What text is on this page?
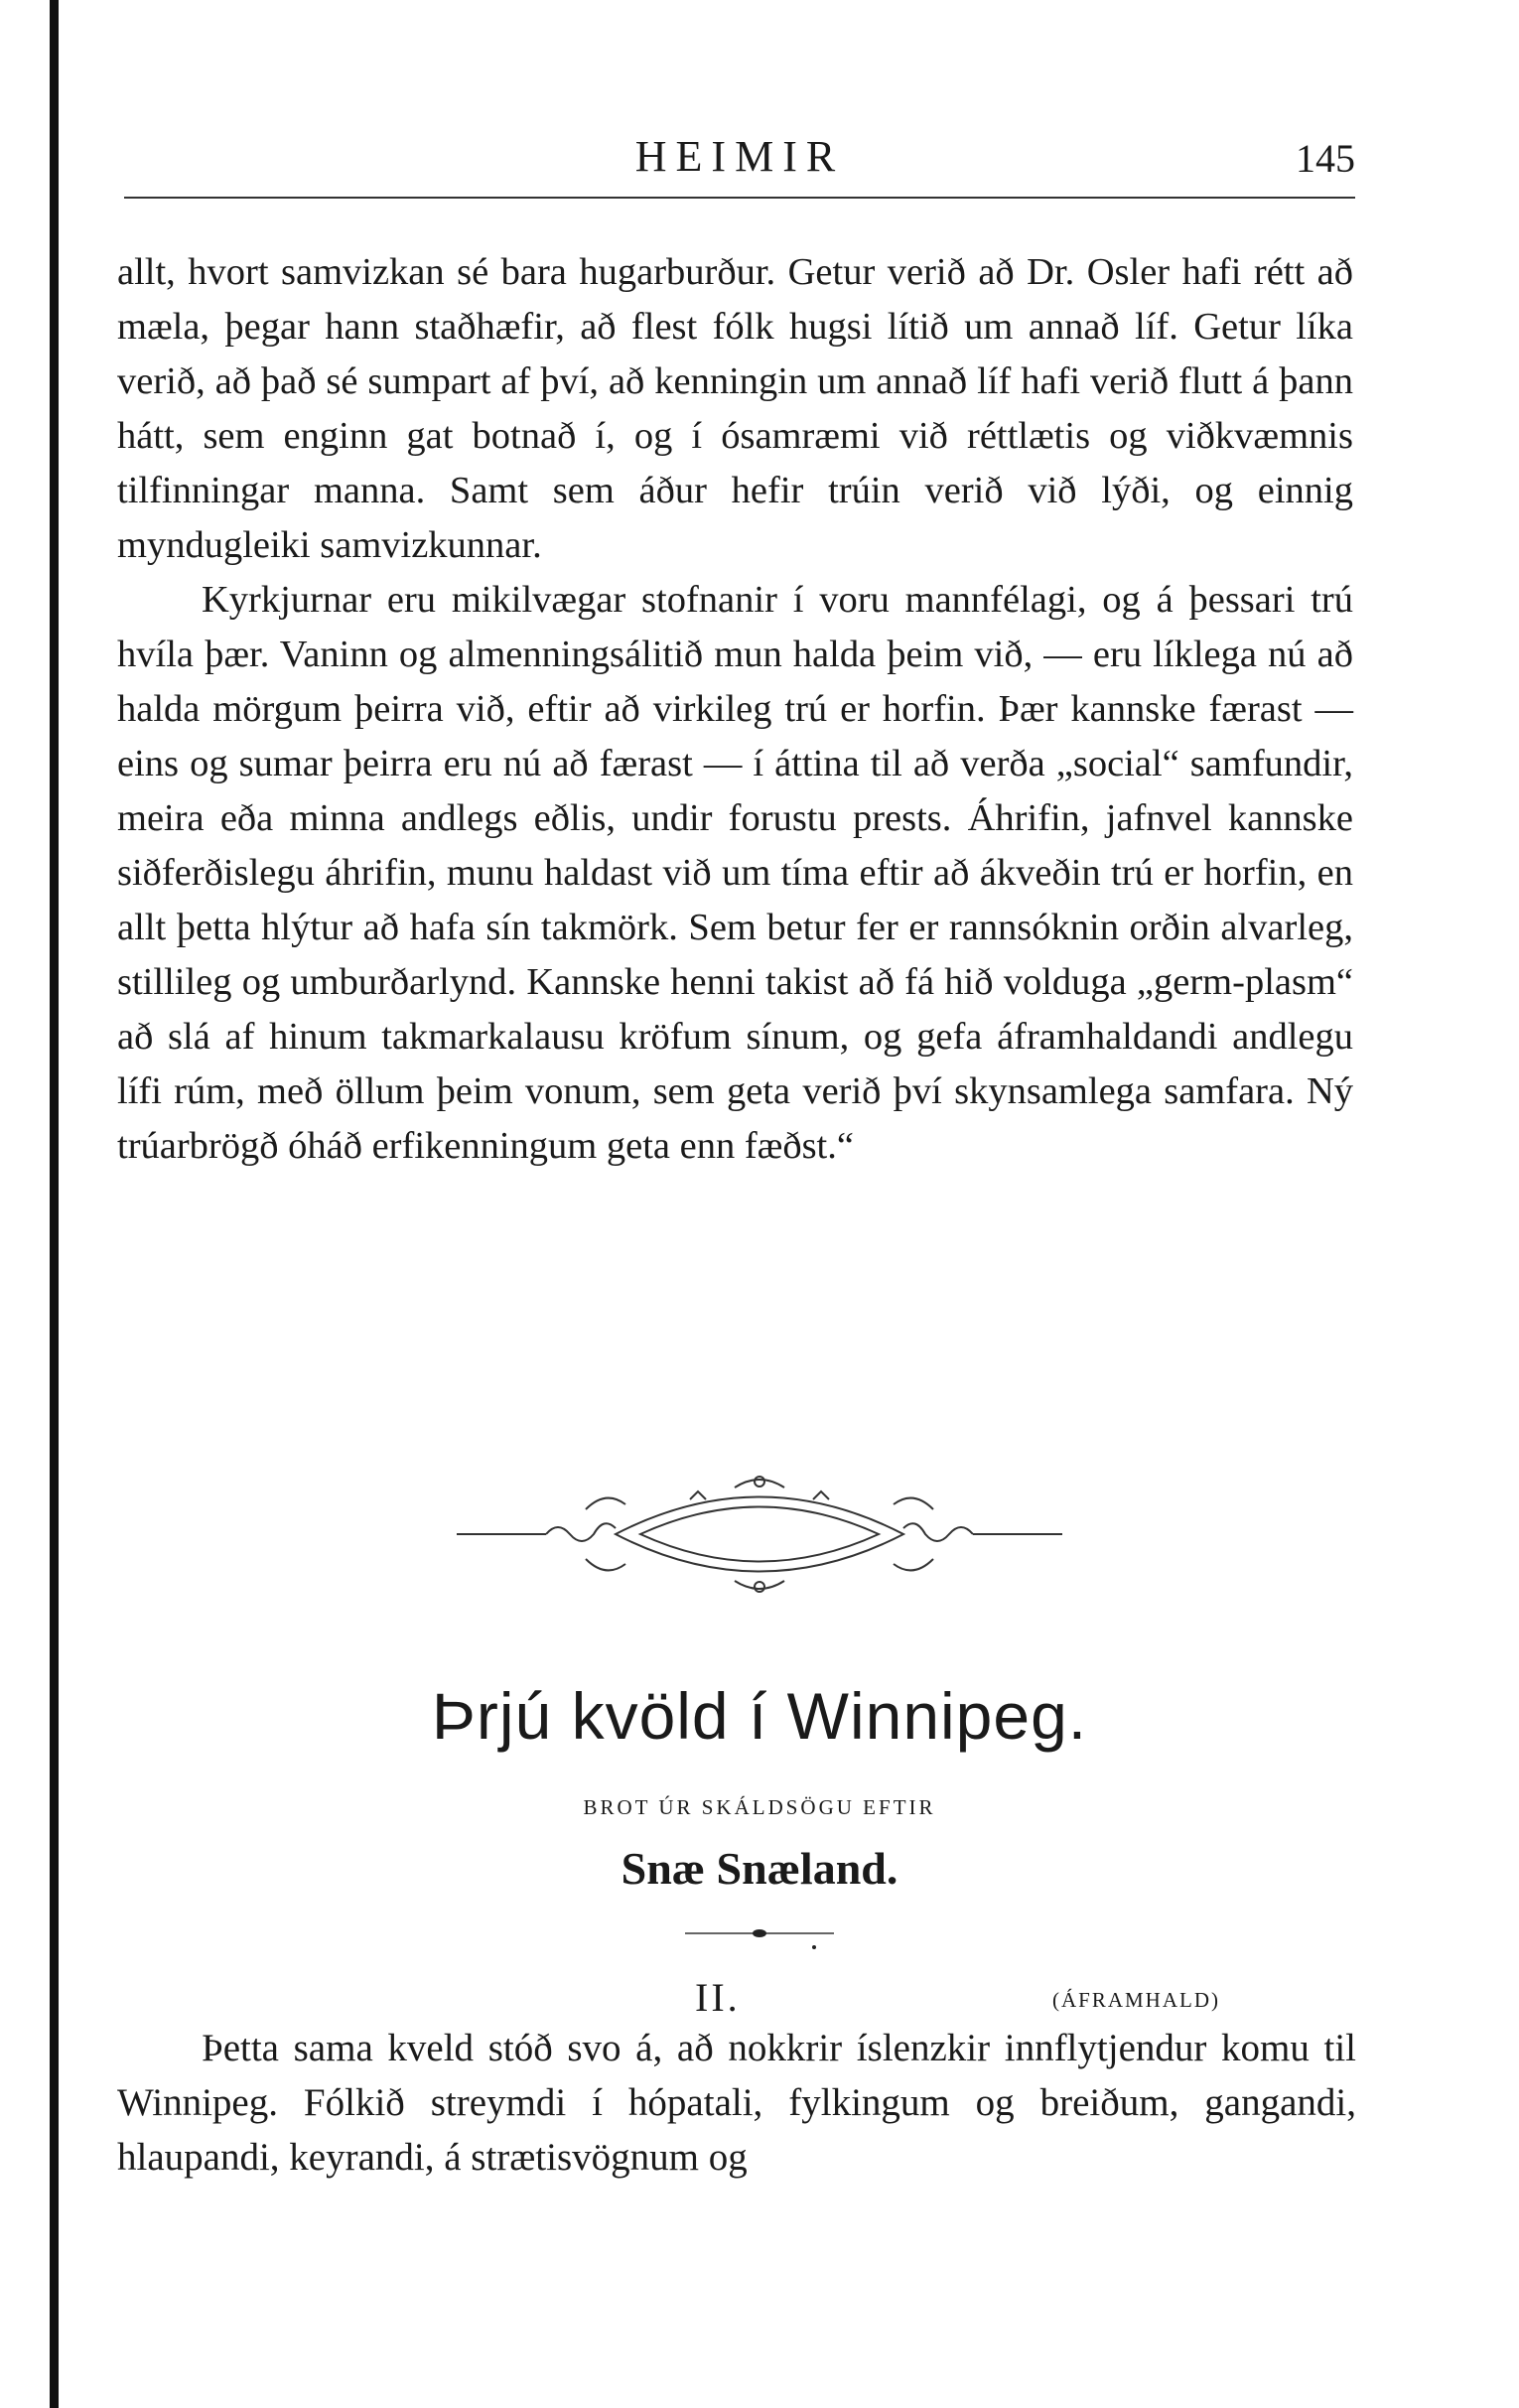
HEIMIR	145

allt, hvort samvizkan sé bara hugarburður. Getur verið að Dr. Osler hafi rétt að mæla, þegar hann staðhæfir, að flest fólk hugsi lítið um annað líf. Getur líka verið, að það sé sumpart af því, að kenningin um annað líf hafi verið flutt á þann hátt, sem enginn gat botnað í, og í ósamræmi við réttlætis og viðkvæmnis tilfinningar manna. Samt sem áður hefir trúin verið við lýði, og einnig myndugleiki samvizkunnar.

Kyrkjurnar eru mikilvægar stofnanir í voru mannfélagi, og á þessari trú hvíla þær. Vaninn og almenningsálitið mun halda þeim við, — eru líklega nú að halda mörgum þeirra við, eftir að virkileg trú er horfin. Þær kannske færast — eins og sumar þeirra eru nú að færast — í áttina til að verða „social“ samfundir, meira eða minna andlegs eðlis, undir forustu prests. Áhrifin, jafnvel kannske siðferðislegu áhrifin, munu haldast við um tíma eftir að ákveðin trú er horfin, en allt þetta hlýtur að hafa sín takmörk. Sem betur fer er rannsóknin orðin alvarleg, stillileg og umburðarlynd. Kannske henni takist að fá hið volduga „germ-plasm“ að slá af hinum takmarkalausu kröfum sínum, og gefa áframhaldandi andlegu lífi rúm, með öllum þeim vonum, sem geta verið því skynsamlega samfara. Ný trúarbrögð óháð erfikenningum geta enn fæðst.“

Þrjú kvöld í Winnipeg.
BROT ÚR SKÁLDSÖGU EFTIR
Snæ Snæland.
II.	(ÁFRAMHALD)

Þetta sama kveld stóð svo á, að nokkrir íslenzkir innflytjendur komu til Winnipeg. Fólkið streymdi í hópatali, fylkingum og breiðum, gangandi, hlaupandi, keyrandi, á strætisvögnum og
